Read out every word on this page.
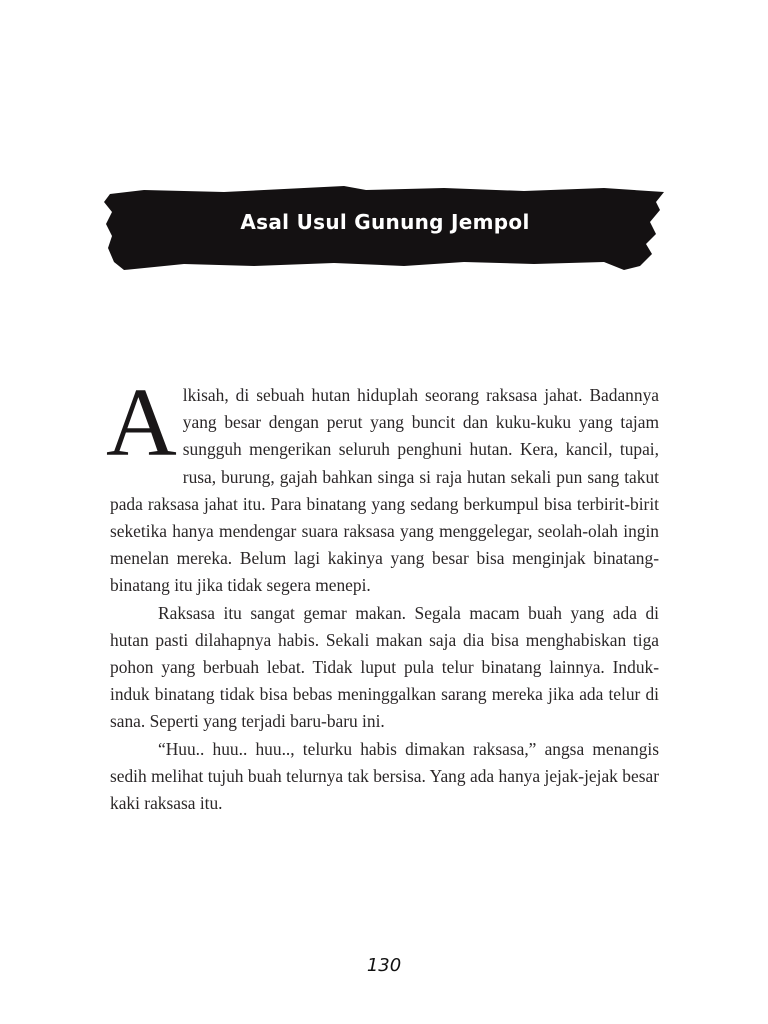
Asal Usul Gunung Jempol

Alkisah, di sebuah hutan hiduplah seorang raksasa jahat. Badannya yang besar dengan perut yang buncit dan kuku-kuku yang tajam sungguh mengerikan seluruh penghuni hutan. Kera, kancil, tupai, rusa, burung, gajah bahkan singa si raja hutan sekali pun sang takut pada raksasa jahat itu. Para binatang yang sedang berkumpul bisa terbirit-birit seketika hanya mendengar suara raksasa yang menggelegar, seolah-olah ingin menelan mereka. Belum lagi kakinya yang besar bisa menginjak binatang-binatang itu jika tidak segera menepi.

Raksasa itu sangat gemar makan. Segala macam buah yang ada di hutan pasti dilahapnya habis. Sekali makan saja dia bisa menghabiskan tiga pohon yang berbuah lebat. Tidak luput pula telur binatang lainnya. Induk-induk binatang tidak bisa bebas meninggalkan sarang mereka jika ada telur di sana. Seperti yang terjadi baru-baru ini.

“Huu.. huu.. huu.., telurku habis dimakan raksasa,” angsa menangis sedih melihat tujuh buah telurnya tak bersisa. Yang ada hanya jejak-jejak besar kaki raksasa itu.

130
